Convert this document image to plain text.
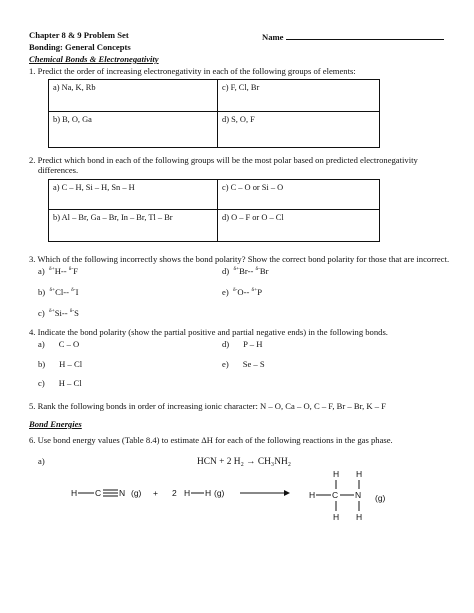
Chapter 8 & 9 Problem Set	Name
Bonding: General Concepts
Chemical Bonds & Electronegativity
1. Predict the order of increasing electronegativity in each of the following groups of elements:
a) Na, K, Rb	c) F, Cl, Br
b) B, O, Ga	d) S, O, F
2. Predict which bond in each of the following groups will be the most polar based on predicted electronegativity
differences.
a) C – H, Si – H, Sn – H	c) C – O or Si – O
b) Al – Br, Ga – Br, In – Br, Tl – Br	d) O – F or O – Cl
3. Which of the following incorrectly shows the bond polarity? Show the correct bond polarity for those that are incorrect.
a) $^{\delta+}$H-- $^{\delta-}$F	d) $^{\delta+}$Br-- $^{\delta-}$Br
b) $^{\delta+}$Cl-- $^{\delta-}$I	e) $^{\delta-}$O-- $^{\delta+}$P
c) $^{\delta+}$Si-- $^{\delta-}$S
4. Indicate the bond polarity (show the partial positive and partial negative ends) in the following bonds.
a) C – O	d) P – H
b) H – Cl	e) Se – S
c) H – Cl
5. Rank the following bonds in order of increasing ionic character: N – O, Ca – O, C – F, Br – Br, K – F
Bond Energies
6. Use bond energy values (Table 8.4) to estimate ΔH for each of the following reactions in the gas phase.
a)	HCN + 2 H₂ → CH₃NH₂
H C N (g) + 2 H H (g)
H H
H C N (g)
H H
